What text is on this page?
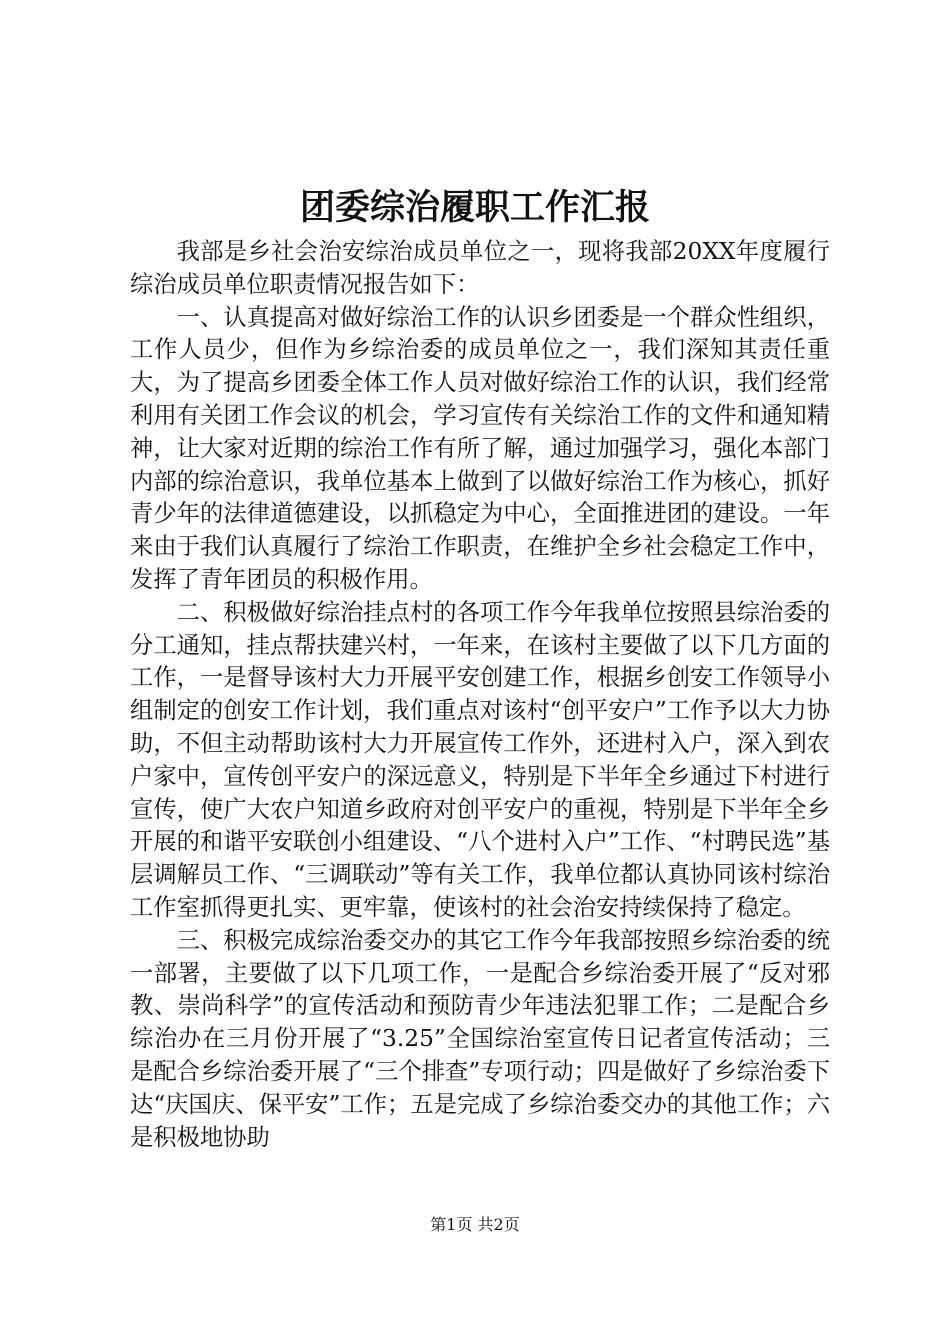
团委综治履职工作汇报

我部是乡社会治安综治成员单位之一，现将我部20XX年度履行综治成员单位职责情况报告如下：

一、认真提高对做好综治工作的认识乡团委是一个群众性组织，工作人员少，但作为乡综治委的成员单位之一，我们深知其责任重大，为了提高乡团委全体工作人员对做好综治工作的认识，我们经常利用有关团工作会议的机会，学习宣传有关综治工作的文件和通知精神，让大家对近期的综治工作有所了解，通过加强学习，强化本部门内部的综治意识，我单位基本上做到了以做好综治工作为核心，抓好青少年的法律道德建设，以抓稳定为中心，全面推进团的建设。一年来由于我们认真履行了综治工作职责，在维护全乡社会稳定工作中，发挥了青年团员的积极作用。

二、积极做好综治挂点村的各项工作今年我单位按照县综治委的分工通知，挂点帮扶建兴村，一年来，在该村主要做了以下几方面的工作，一是督导该村大力开展平安创建工作，根据乡创安工作领导小组制定的创安工作计划，我们重点对该村“创平安户”工作予以大力协助，不但主动帮助该村大力开展宣传工作外，还进村入户，深入到农户家中，宣传创平安户的深远意义，特别是下半年全乡通过下村进行宣传，使广大农户知道乡政府对创平安户的重视，特别是下半年全乡开展的和谐平安联创小组建设、“八个进村入户”工作、“村聘民选”基层调解员工作、“三调联动”等有关工作，我单位都认真协同该村综治工作室抓得更扎实、更牢靠，使该村的社会治安持续保持了稳定。

三、积极完成综治委交办的其它工作今年我部按照乡综治委的统一部署，主要做了以下几项工作，一是配合乡综治委开展了“反对邪教、崇尚科学”的宣传活动和预防青少年违法犯罪工作；二是配合乡综治办在三月份开展了“3.25”全国综治室宣传日记者宣传活动；三是配合乡综治委开展了“三个排查”专项行动；四是做好了乡综治委下达“庆国庆、保平安”工作；五是完成了乡综治委交办的其他工作；六是积极地协助

第1页 共2页
